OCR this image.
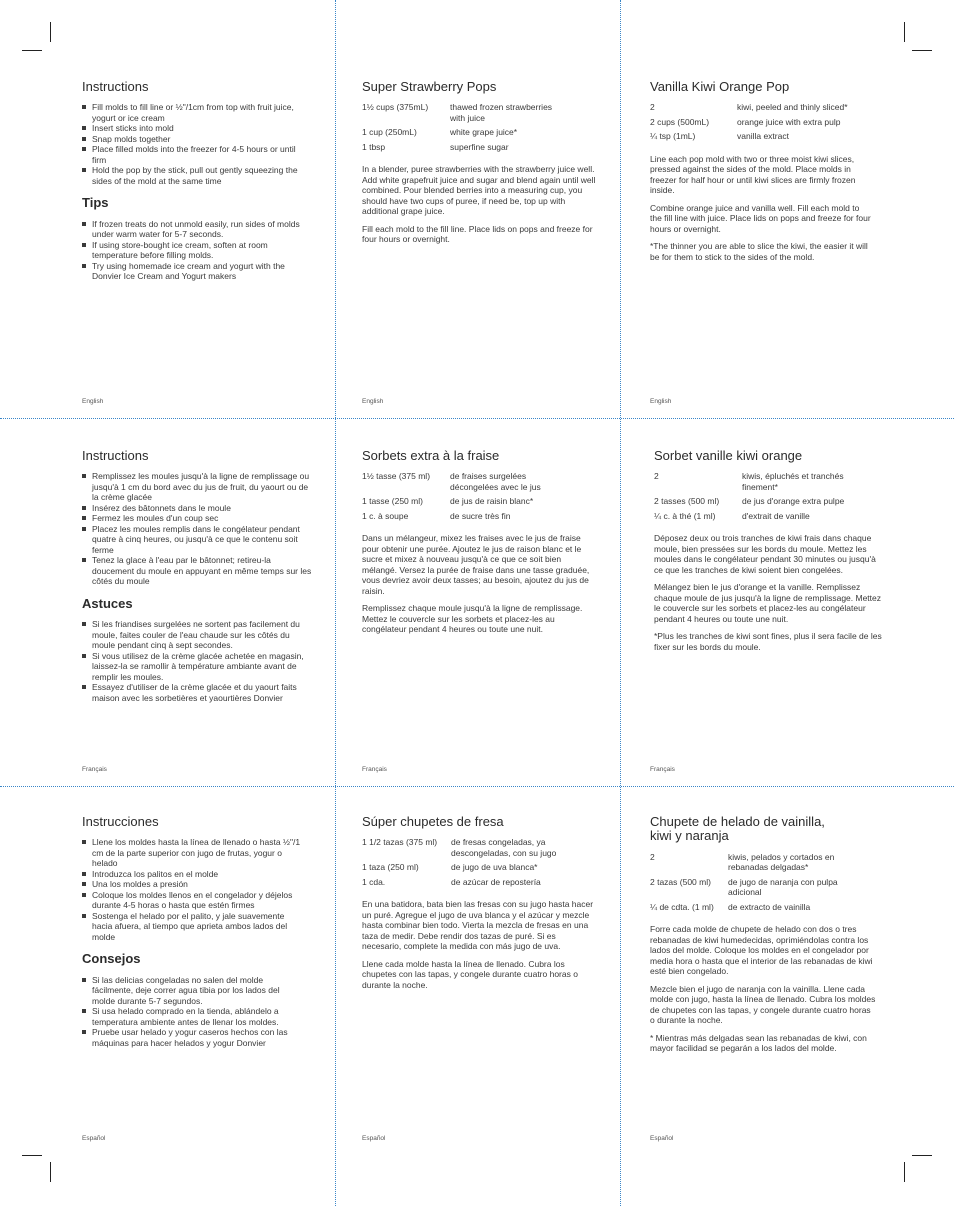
Instructions
Fill molds to fill line or ½"/1cm from top with fruit juice, yogurt or ice cream
Insert sticks into mold
Snap molds together
Place filled molds into the freezer for 4-5 hours or until firm
Hold the pop by the stick, pull out gently squeezing the sides of the mold at the same time
Tips
If frozen treats do not unmold easily, run sides of molds under warm water for 5-7 seconds.
If using store-bought ice cream, soften at room temperature before filling molds.
Try using homemade ice cream and yogurt with the Donvier Ice Cream and Yogurt makers
Super Strawberry Pops
1½ cups (375mL)	thawed frozen strawberries with juice
1 cup (250mL)	white grape juice*
1 tbsp	superfine sugar

In a blender, puree strawberries with the strawberry juice well. Add white grapefruit juice and sugar and blend again until well combined. Pour blended berries into a measuring cup, you should have two cups of puree, if need be, top up with additional grape juice.

Fill each mold to the fill line. Place lids on pops and freeze for four hours or overnight.

Vanilla Kiwi Orange Pop
2	kiwi, peeled and thinly sliced*
2 cups (500mL)	orange juice with extra pulp
¼ tsp (1mL)	vanilla extract

Line each pop mold with two or three moist kiwi slices, pressed against the sides of the mold. Place molds in freezer for half hour or until kiwi slices are firmly frozen inside.

Combine orange juice and vanilla well. Fill each mold to the fill line with juice. Place lids on pops and freeze for four hours or overnight.

*The thinner you are able to slice the kiwi, the easier it will be for them to stick to the sides of the mold.

English	English	English
Instructions
Remplissez les moules jusqu'à la ligne de remplissage ou jusqu'à 1 cm du bord avec du jus de fruit, du yaourt ou de la crème glacée
Insérez des bâtonnets dans le moule
Fermez les moules d'un coup sec
Placez les moules remplis dans le congélateur pendant quatre à cinq heures, ou jusqu'à ce que le contenu soit ferme
Tenez la glace à l'eau par le bâtonnet; retireu-la doucement du moule en appuyant en même temps sur les côtés du moule
Astuces
Si les friandises surgelées ne sortent pas facilement du moule, faites couler de l'eau chaude sur les côtés du moule pendant cinq à sept secondes.
Si vous utilisez de la crème glacée achetée en magasin, laissez-la se ramollir à température ambiante avant de remplir les moules.
Essayez d'utiliser de la crème glacée et du yaourt faits maison avec les sorbetières et yaourtières Donvier
Sorbets extra à la fraise
1½ tasse (375 ml)	de fraises surgelées décongelées avec le jus
1 tasse (250 ml)	de jus de raisin blanc*
1 c. à soupe	de sucre très fin

Dans un mélangeur, mixez les fraises avec le jus de fraise pour obtenir une purée. Ajoutez le jus de raison blanc et le sucre et mixez à nouveau jusqu'à ce que ce soit bien mélangé. Versez la purée de fraise dans une tasse graduée, vous devriez avoir deux tasses; au besoin, ajoutez du jus de raisin.

Remplissez chaque moule jusqu'à la ligne de remplissage. Mettez le couvercle sur les sorbets et placez-les au congélateur pendant 4 heures ou toute une nuit.

Sorbet vanille kiwi orange
2	kiwis, épluchés et tranchés finement*
2 tasses (500 ml)	de jus d'orange extra pulpe
¼ c. à thé (1 ml)	d'extrait de vanille

Déposez deux ou trois tranches de kiwi frais dans chaque moule, bien pressées sur les bords du moule. Mettez les moules dans le congélateur pendant 30 minutes ou jusqu'à ce que les tranches de kiwi soient bien congelées.

Mélangez bien le jus d'orange et la vanille. Remplissez chaque moule de jus jusqu'à la ligne de remplissage. Mettez le couvercle sur les sorbets et placez-les au congélateur pendant 4 heures ou toute une nuit.

*Plus les tranches de kiwi sont fines, plus il sera facile de les fixer sur les bords du moule.

Français	Français	Français
Instrucciones
Llene los moldes hasta la línea de llenado o hasta ½"/1 cm de la parte superior con jugo de frutas, yogur o helado
Introduzca los palitos en el molde
Una los moldes a presión
Coloque los moldes llenos en el congelador y déjelos durante 4-5 horas o hasta que estén firmes
Sostenga el helado por el palito, y jale suavemente hacia afuera, al tiempo que aprieta ambos lados del molde
Consejos
Si las delicias congeladas no salen del molde fácilmente, deje correr agua tibia por los lados del molde durante 5-7 segundos.
Si usa helado comprado en la tienda, ablándelo a temperatura ambiente antes de llenar los moldes.
Pruebe usar helado y yogur caseros hechos con las máquinas para hacer helados y yogur Donvier
Súper chupetes de fresa
1 1/2 tazas (375 ml)	de fresas congeladas, ya descongeladas, con su jugo
1 taza (250 ml)	de jugo de uva blanca*
1 cda.	de azúcar de repostería

En una batidora, bata bien las fresas con su jugo hasta hacer un puré. Agregue el jugo de uva blanca y el azúcar y mezcle hasta combinar bien todo. Vierta la mezcla de fresas en una taza de medir. Debe rendir dos tazas de puré. Si es necesario, complete la medida con más jugo de uva.

Llene cada molde hasta la línea de llenado. Cubra los chupetes con las tapas, y congele durante cuatro horas o durante la noche.

Chupete de helado de vainilla, kiwi y naranja
2	kiwis, pelados y cortados en rebanadas delgadas*
2 tazas (500 ml)	de jugo de naranja con pulpa adicional
¼ de cdta. (1 ml)	de extracto de vainilla

Forre cada molde de chupete de helado con dos o tres rebanadas de kiwi humedecidas, oprimiéndolas contra los lados del molde. Coloque los moldes en el congelador por media hora o hasta que el interior de las rebanadas de kiwi esté bien congelado.

Mezcle bien el jugo de naranja con la vainilla. Llene cada molde con jugo, hasta la línea de llenado. Cubra los moldes de chupetes con las tapas, y congele durante cuatro horas o durante la noche.

* Mientras más delgadas sean las rebanadas de kiwi, con mayor facilidad se pegarán a los lados del molde.

Español	Español	Español
